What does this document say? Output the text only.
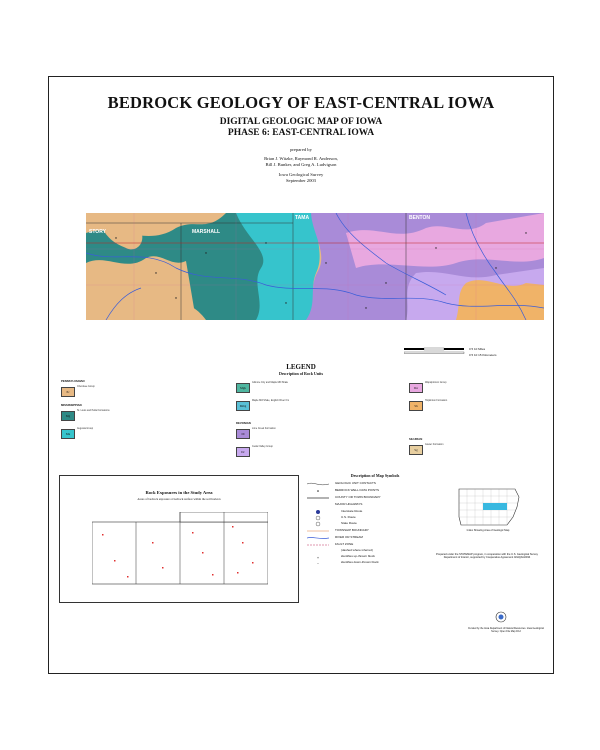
BEDROCK GEOLOGY OF EAST-CENTRAL IOWA
DIGITAL GEOLOGIC MAP OF IOWA
PHASE 6: EAST-CENTRAL IOWA
prepared by
Brian J. Witzke, Raymond R. Anderson,
Bill J. Bunker, and Greg A. Ludvigson
Iowa Geological Survey
September 2003
STORY	MARSHALL
TAMA	BENTON
0 5 10 Miles
0 5 10 15 Kilometers
LEGEND
Description of Rock Units
PENNSYLVANIAN
MISSISSIPPIAN
DEVONIAN
SILURIAN
Pc
Cherokee Group
Mg
St. Louis and Pella Formations
Mk
Augusta Group
Mgk
Gilmore City and Maple Mill Shale
Mmg
Maple Mill Shale, English River Fm
Dl
Lime Creek Formation
Dc
Cedar Valley Group
Dw
Wapsipinicon Group
Sh
Hopkinton Formation
Sg
Gower Formation
Rock Exposures in the Study Area
Areas of bedrock exposure or bedrock surface within the soil horizon
Description of Map Symbols
GEOLOGIC UNIT CONTACTS
BEDROCK WELL DATA POINTS
COUNTY OR TOWN BOUNDARY
MAJOR HIGHWAYS
Interstate Route
U.S. Route
State Route
TOWNSHIP BOUNDARY
RIVER OR STREAM
FAULT ZONE
(dashed where inferred)
+	identifies up-thrown block
−	identifies down-thrown block
Index Showing Area of Geologic Map
Prepared under the STATEMAP program, in cooperation with the U.S. Geological Survey Department of Interior, supported by Cooperative Agreement 02HQAG0034
Funded by the Iowa Department of Natural Resources. Iowa Geological Survey. Open File Map 03-2
